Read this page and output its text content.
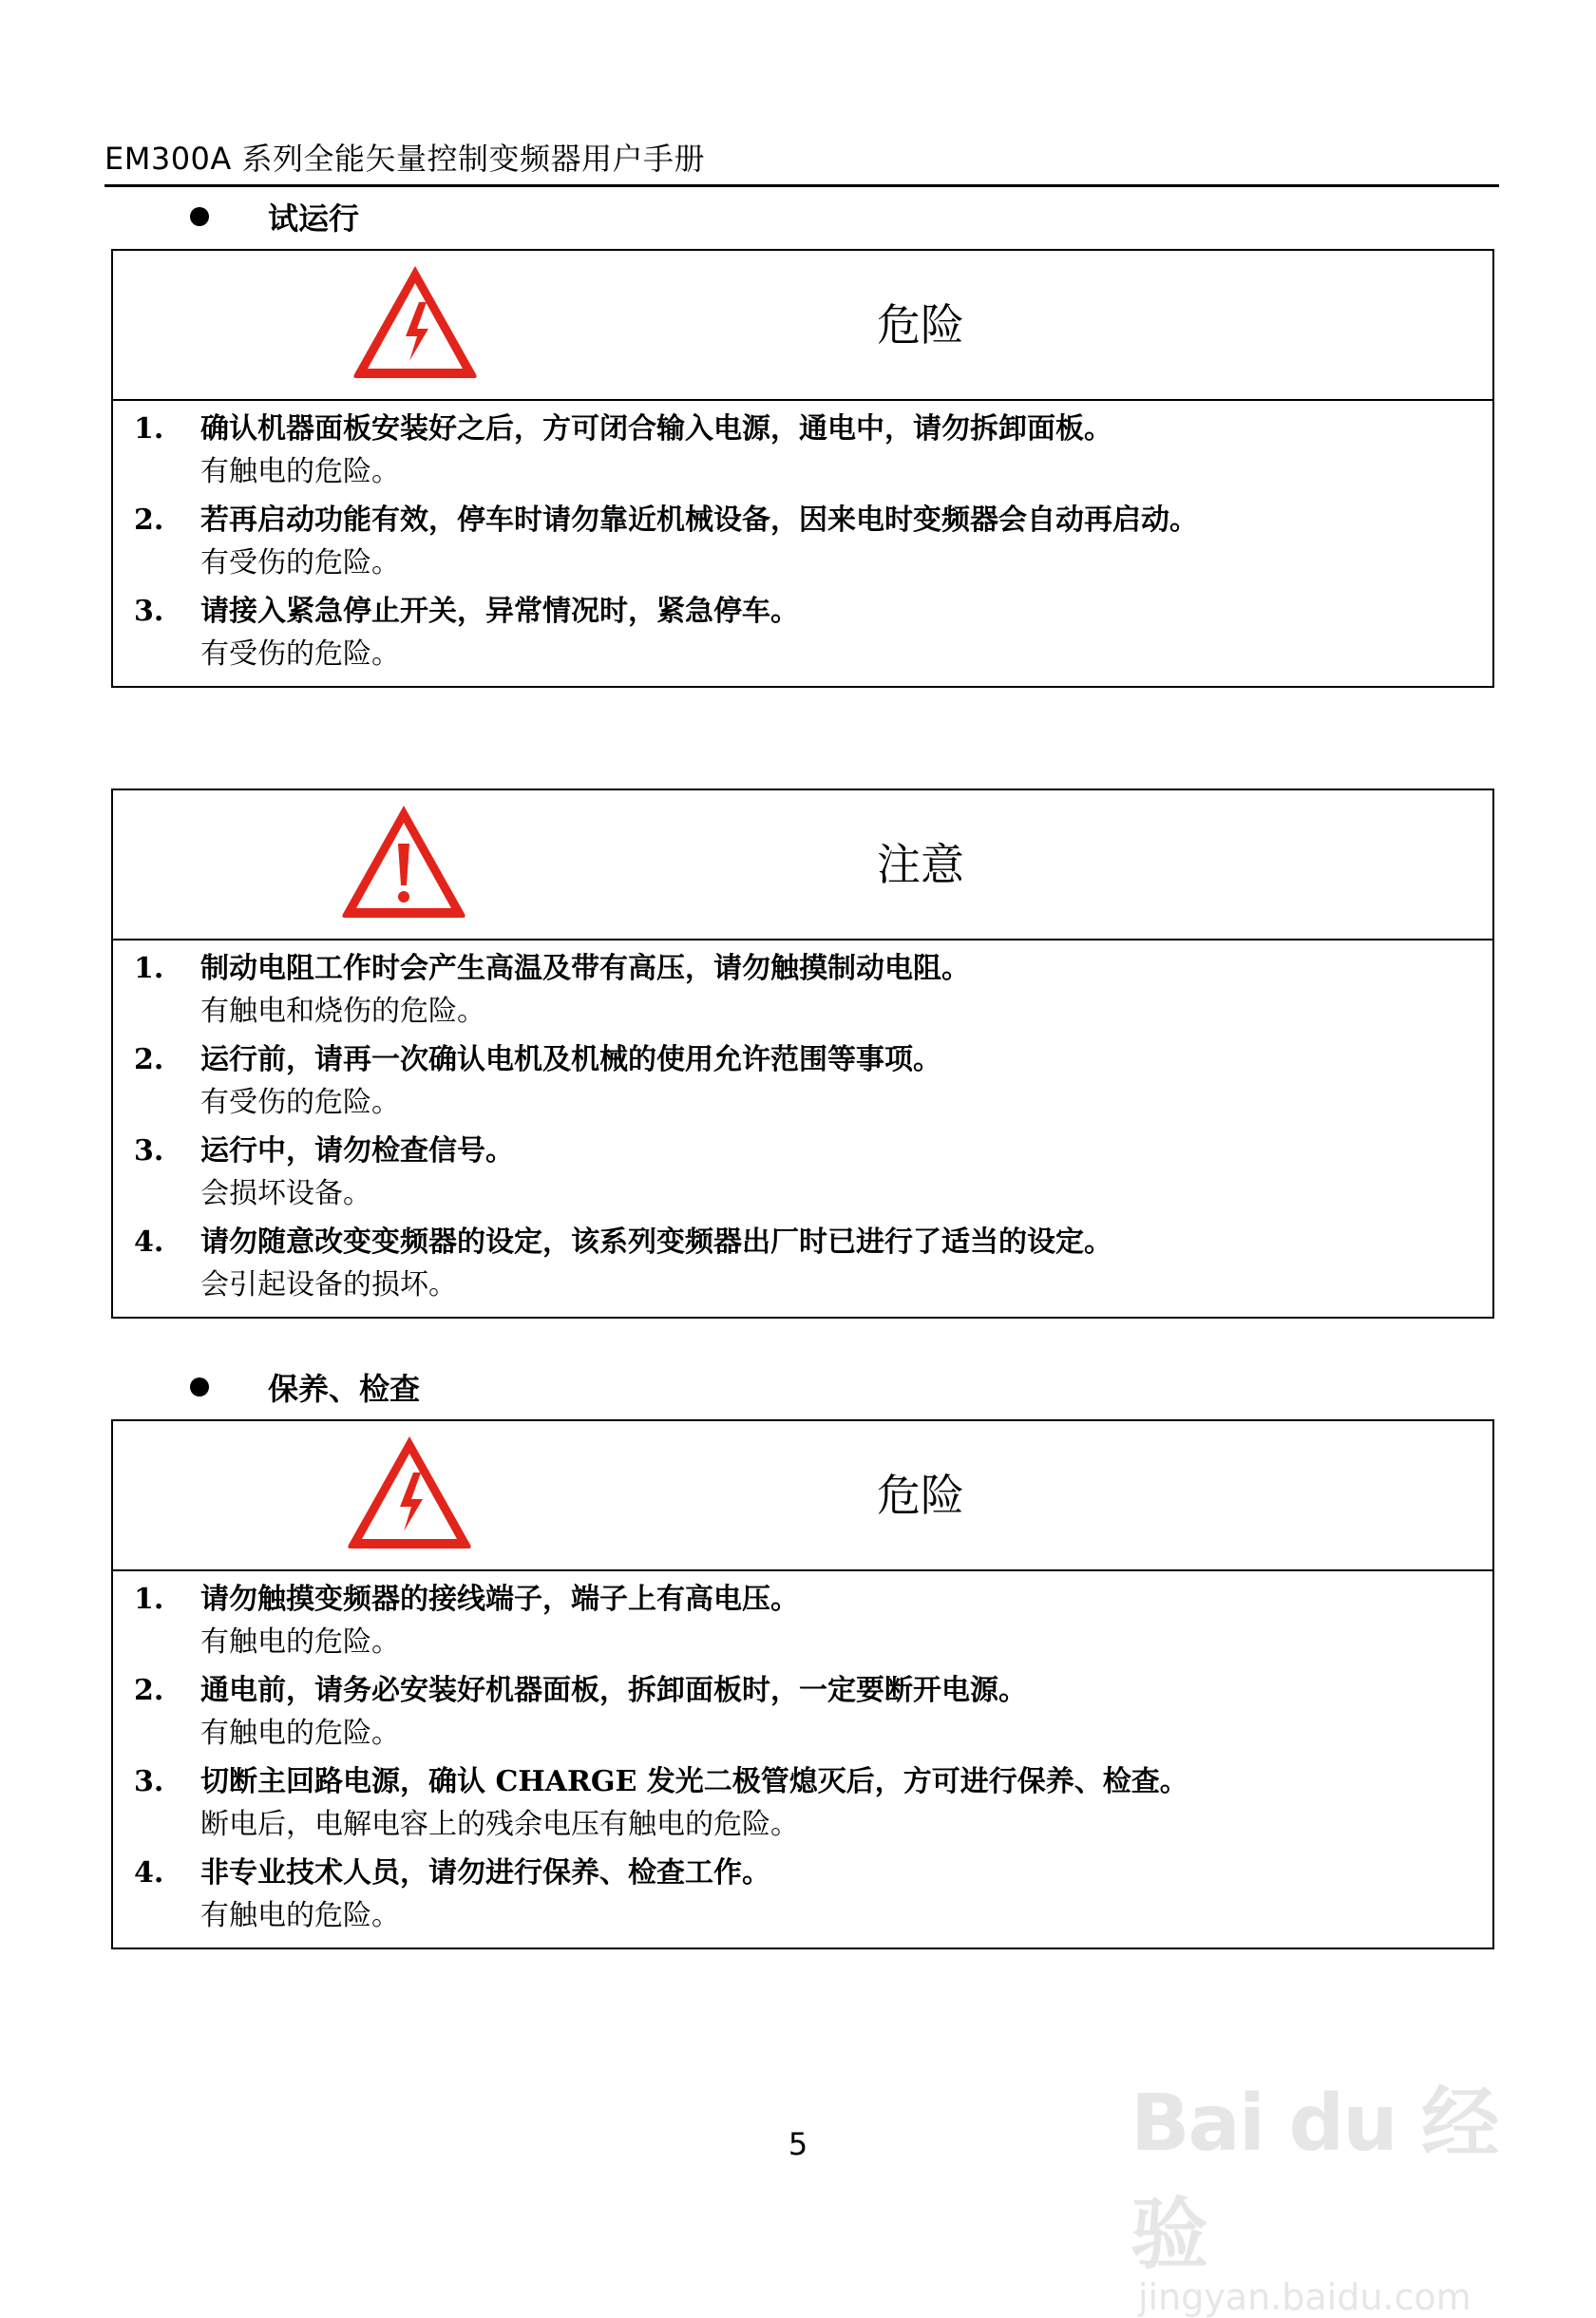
EM300A 系列全能矢量控制变频器用户手册
试运行
危险
1. 确认机器面板安装好之后，方可闭合输入电源，通电中，请勿拆卸面板。
有触电的危险。
2. 若再启动功能有效，停车时请勿靠近机械设备，因来电时变频器会自动再启动。
有受伤的危险。
3. 请接入紧急停止开关，异常情况时，紧急停车。
有受伤的危险。
注意
1. 制动电阻工作时会产生高温及带有高压，请勿触摸制动电阻。
有触电和烧伤的危险。
2. 运行前，请再一次确认电机及机械的使用允许范围等事项。
有受伤的危险。
3. 运行中，请勿检查信号。
会损坏设备。
4. 请勿随意改变变频器的设定，该系列变频器出厂时已进行了适当的设定。
会引起设备的损坏。
保养、检查
危险
1. 请勿触摸变频器的接线端子，端子上有高电压。
有触电的危险。
2. 通电前，请务必安装好机器面板，拆卸面板时，一定要断开电源。
有触电的危险。
3. 切断主回路电源，确认 CHARGE 发光二极管熄灭后，方可进行保养、检查。
断电后，电解电容上的残余电压有触电的危险。
4. 非专业技术人员，请勿进行保养、检查工作。
有触电的危险。
5	Bai du 经验
jingyan.baidu.com
